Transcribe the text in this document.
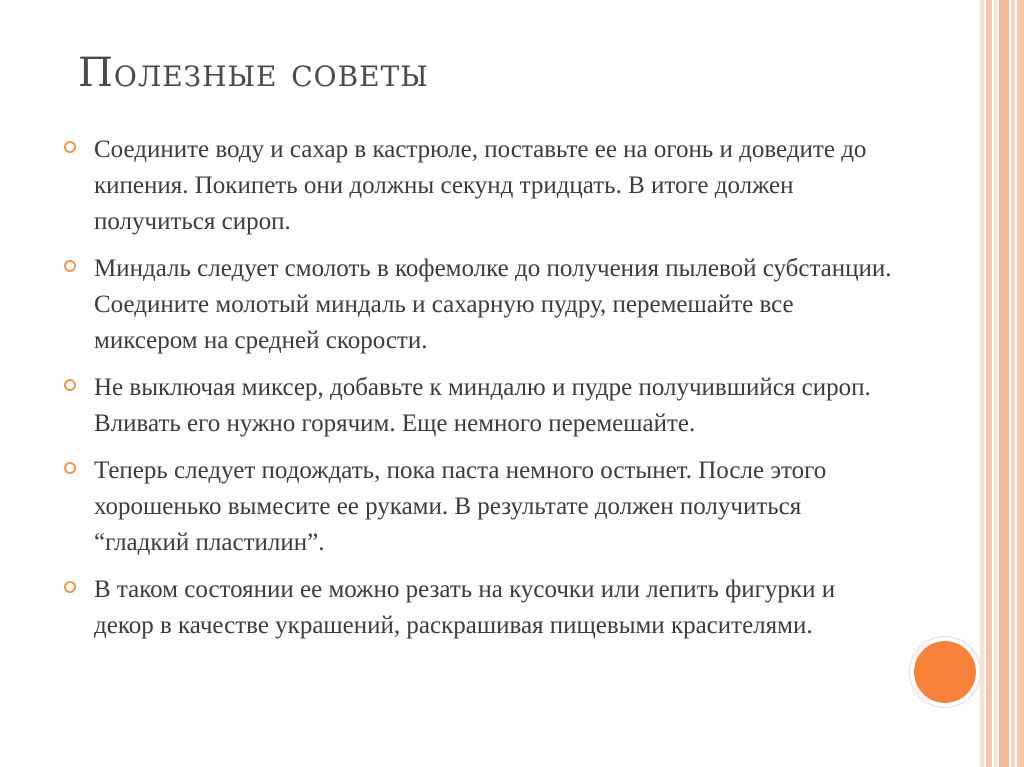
Полезные советы
Соедините воду и сахар в кастрюле, поставьте ее на огонь и доведите до кипения. Покипеть они должны секунд тридцать. В итоге должен получиться сироп.
Миндаль следует смолоть в кофемолке до получения пылевой субстанции. Соедините молотый миндаль и сахарную пудру, перемешайте все миксером на средней скорости.
Не выключая миксер, добавьте к миндалю и пудре получившийся сироп. Вливать его нужно горячим. Еще немного перемешайте.
Теперь следует подождать, пока паста немного остынет. После этого хорошенько вымесите ее руками. В результате должен получиться “гладкий пластилин”.
В таком состоянии ее можно резать на кусочки или лепить фигурки и декор в качестве украшений, раскрашивая пищевыми красителями.
